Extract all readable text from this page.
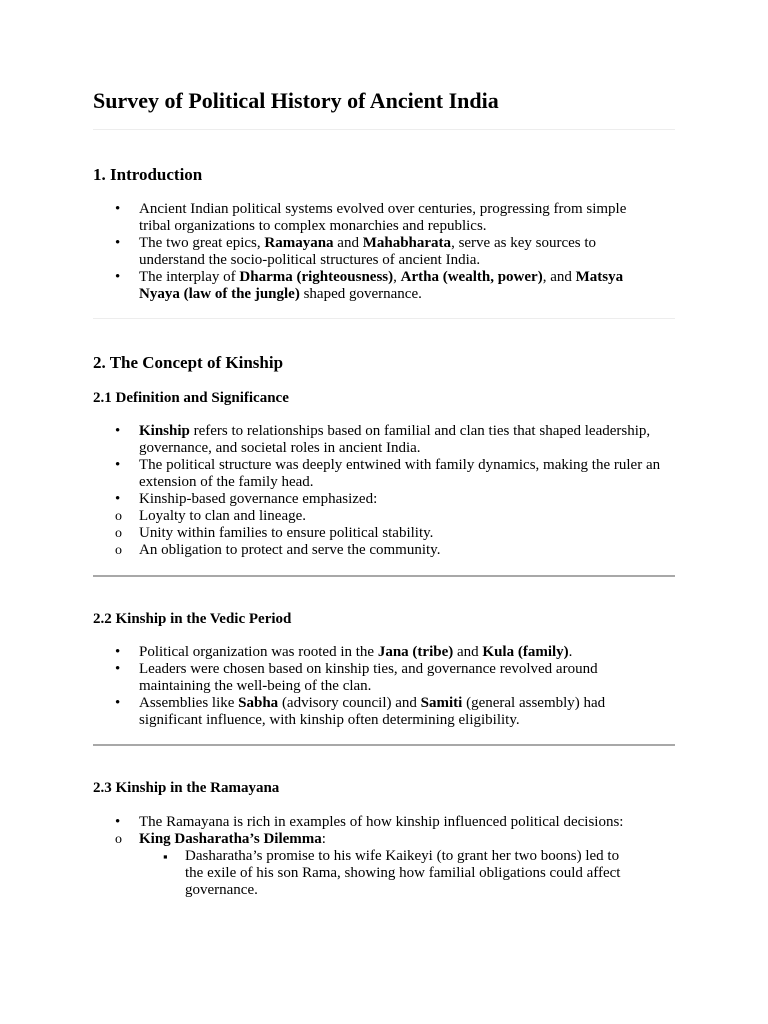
Survey of Political History of Ancient India
1. Introduction
• Ancient Indian political systems evolved over centuries, progressing from simple tribal organizations to complex monarchies and republics.
• The two great epics, Ramayana and Mahabharata, serve as key sources to understand the socio-political structures of ancient India.
• The interplay of Dharma (righteousness), Artha (wealth, power), and Matsya Nyaya (law of the jungle) shaped governance.
2. The Concept of Kinship
2.1 Definition and Significance
• Kinship refers to relationships based on familial and clan ties that shaped leadership, governance, and societal roles in ancient India.
• The political structure was deeply entwined with family dynamics, making the ruler an extension of the family head.
• Kinship-based governance emphasized:
o Loyalty to clan and lineage.
o Unity within families to ensure political stability.
o An obligation to protect and serve the community.
2.2 Kinship in the Vedic Period
• Political organization was rooted in the Jana (tribe) and Kula (family).
• Leaders were chosen based on kinship ties, and governance revolved around maintaining the well-being of the clan.
• Assemblies like Sabha (advisory council) and Samiti (general assembly) had significant influence, with kinship often determining eligibility.
2.3 Kinship in the Ramayana
• The Ramayana is rich in examples of how kinship influenced political decisions:
o King Dasharatha’s Dilemma:
▪ Dasharatha’s promise to his wife Kaikeyi (to grant her two boons) led to the exile of his son Rama, showing how familial obligations could affect governance.
